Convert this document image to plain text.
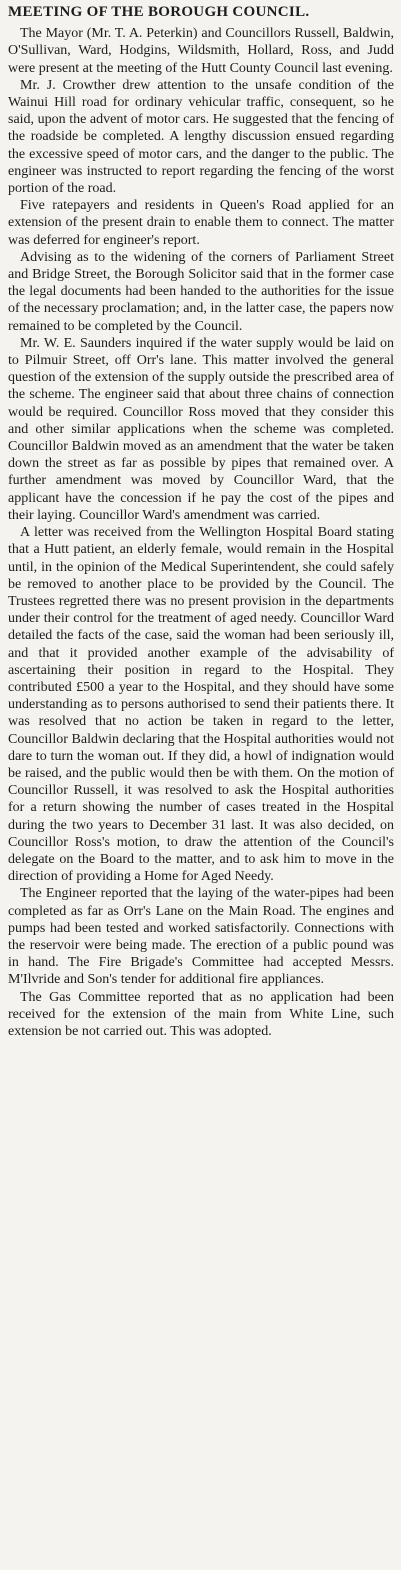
MEETING OF THE BOROUGH COUNCIL.

The Mayor (Mr. T. A. Peterkin) and Councillors Russell, Baldwin, O'Sullivan, Ward, Hodgins, Wildsmith, Hollard, Ross, and Judd were present at the meeting of the Hutt County Council last evening.

Mr. J. Crowther drew attention to the unsafe condition of the Wainui Hill road for ordinary vehicular traffic, consequent, so he said, upon the advent of motor cars. He suggested that the fencing of the roadside be completed. A lengthy discussion ensued regarding the excessive speed of motor cars, and the danger to the public. The engineer was instructed to report regarding the fencing of the worst portion of the road.

Five ratepayers and residents in Queen's Road applied for an extension of the present drain to enable them to connect. The matter was deferred for engineer's report.

Advising as to the widening of the corners of Parliament Street and Bridge Street, the Borough Solicitor said that in the former case the legal documents had been handed to the authorities for the issue of the necessary proclamation; and, in the latter case, the papers now remained to be completed by the Council.

Mr. W. E. Saunders inquired if the water supply would be laid on to Pilmuir Street, off Orr's lane. This matter involved the general question of the extension of the supply outside the prescribed area of the scheme. The engineer said that about three chains of connection would be required. Councillor Ross moved that they consider this and other similar applications when the scheme was completed. Councillor Baldwin moved as an amendment that the water be taken down the street as far as possible by pipes that remained over. A further amendment was moved by Councillor Ward, that the applicant have the concession if he pay the cost of the pipes and their laying. Councillor Ward's amendment was carried.

A letter was received from the Wellington Hospital Board stating that a Hutt patient, an elderly female, would remain in the Hospital until, in the opinion of the Medical Superintendent, she could safely be removed to another place to be provided by the Council. The Trustees regretted there was no present provision in the departments under their control for the treatment of aged needy. Councillor Ward detailed the facts of the case, said the woman had been seriously ill, and that it provided another example of the advisability of ascertaining their position in regard to the Hospital. They contributed £500 a year to the Hospital, and they should have some understanding as to persons authorised to send their patients there. It was resolved that no action be taken in regard to the letter, Councillor Baldwin declaring that the Hospital authorities would not dare to turn the woman out. If they did, a howl of indignation would be raised, and the public would then be with them. On the motion of Councillor Russell, it was resolved to ask the Hospital authorities for a return showing the number of cases treated in the Hospital during the two years to December 31 last. It was also decided, on Councillor Ross's motion, to draw the attention of the Council's delegate on the Board to the matter, and to ask him to move in the direction of providing a Home for Aged Needy.

The Engineer reported that the laying of the water-pipes had been completed as far as Orr's Lane on the Main Road. The engines and pumps had been tested and worked satisfactorily. Connections with the reservoir were being made. The erection of a public pound was in hand. The Fire Brigade's Committee had accepted Messrs. M'Ilvride and Son's tender for additional fire appliances.

The Gas Committee reported that as no application had been received for the extension of the main from White Line, such extension be not carried out. This was adopted.
